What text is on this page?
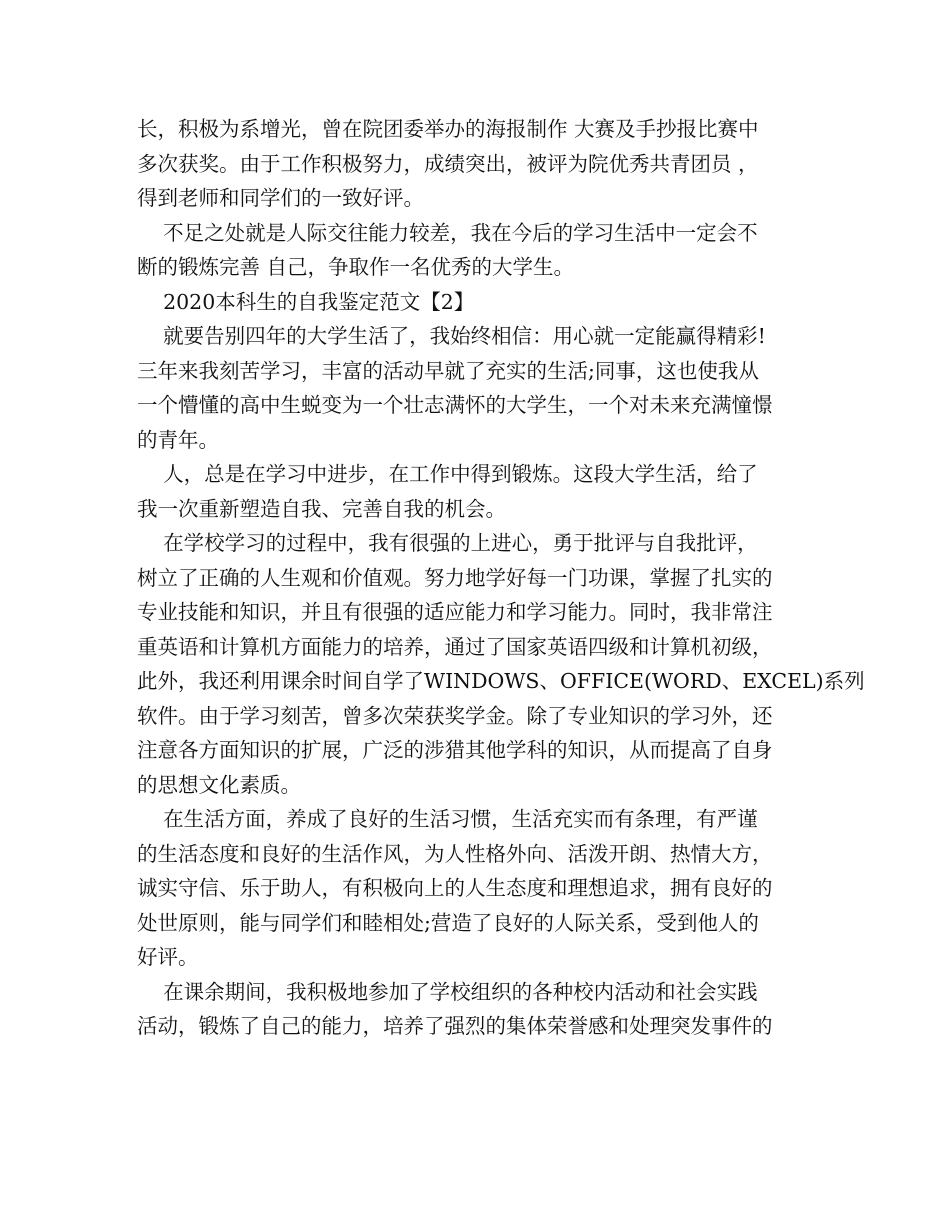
长，积极为系增光，曾在院团委举办的海报制作 大赛及手抄报比赛中
多次获奖。由于工作积极努力，成绩突出，被评为院优秀共青团员 ，
得到老师和同学们的一致好评。
不足之处就是人际交往能力较差，我在今后的学习生活中一定会不
断的锻炼完善 自己，争取作一名优秀的大学生。
2020本科生的自我鉴定范文【2】
就要告别四年的大学生活了，我始终相信：用心就一定能赢得精彩!
三年来我刻苦学习，丰富的活动早就了充实的生活;同事，这也使我从
一个懵懂的高中生蜕变为一个壮志满怀的大学生，一个对未来充满憧憬
的青年。
人，总是在学习中进步，在工作中得到锻炼。这段大学生活，给了
我一次重新塑造自我、完善自我的机会。
在学校学习的过程中，我有很强的上进心，勇于批评与自我批评，
树立了正确的人生观和价值观。努力地学好每一门功课，掌握了扎实的
专业技能和知识，并且有很强的适应能力和学习能力。同时，我非常注
重英语和计算机方面能力的培养，通过了国家英语四级和计算机初级，
此外，我还利用课余时间自学了WINDOWS、OFFICE(WORD、EXCEL)系列
软件。由于学习刻苦，曾多次荣获奖学金。除了专业知识的学习外，还
注意各方面知识的扩展，广泛的涉猎其他学科的知识，从而提高了自身
的思想文化素质。
在生活方面，养成了良好的生活习惯，生活充实而有条理，有严谨
的生活态度和良好的生活作风，为人性格外向、活泼开朗、热情大方，
诚实守信、乐于助人，有积极向上的人生态度和理想追求，拥有良好的
处世原则，能与同学们和睦相处;营造了良好的人际关系，受到他人的
好评。
在课余期间，我积极地参加了学校组织的各种校内活动和社会实践
活动，锻炼了自己的能力，培养了强烈的集体荣誉感和处理突发事件的
